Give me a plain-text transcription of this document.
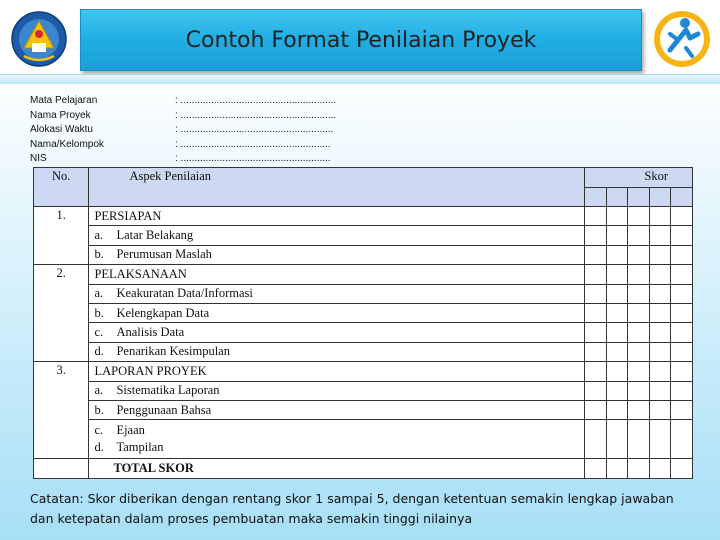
Contoh Format Penilaian Proyek
Mata Pelajaran	: ........................................................
Nama Proyek	: ........................................................
Alokasi Waktu	: .......................................................
Nama/Kelompok	: ......................................................
NIS	: ......................................................
No.	Aspek Penilaian	Skor				

1.	PERSIAPAN					

	a. Latar Belakang					

	b. Perumusan Maslah					

2.	PELAKSANAAN					

	a. Keakuratan Data/Informasi					

	b. Kelengkapan Data					

	c. Analisis Data					

	d. Penarikan Kesimpulan					

3.	LAPORAN PROYEK					

	a. Sistematika Laporan					

	b. Penggunaan Bahsa					

	c. Ejaan
d. Tampilan					

	TOTAL SKOR					
Catatan: Skor diberikan dengan rentang skor 1 sampai 5, dengan ketentuan semakin lengkap jawaban dan ketepatan dalam proses pembuatan maka semakin tinggi nilainya
